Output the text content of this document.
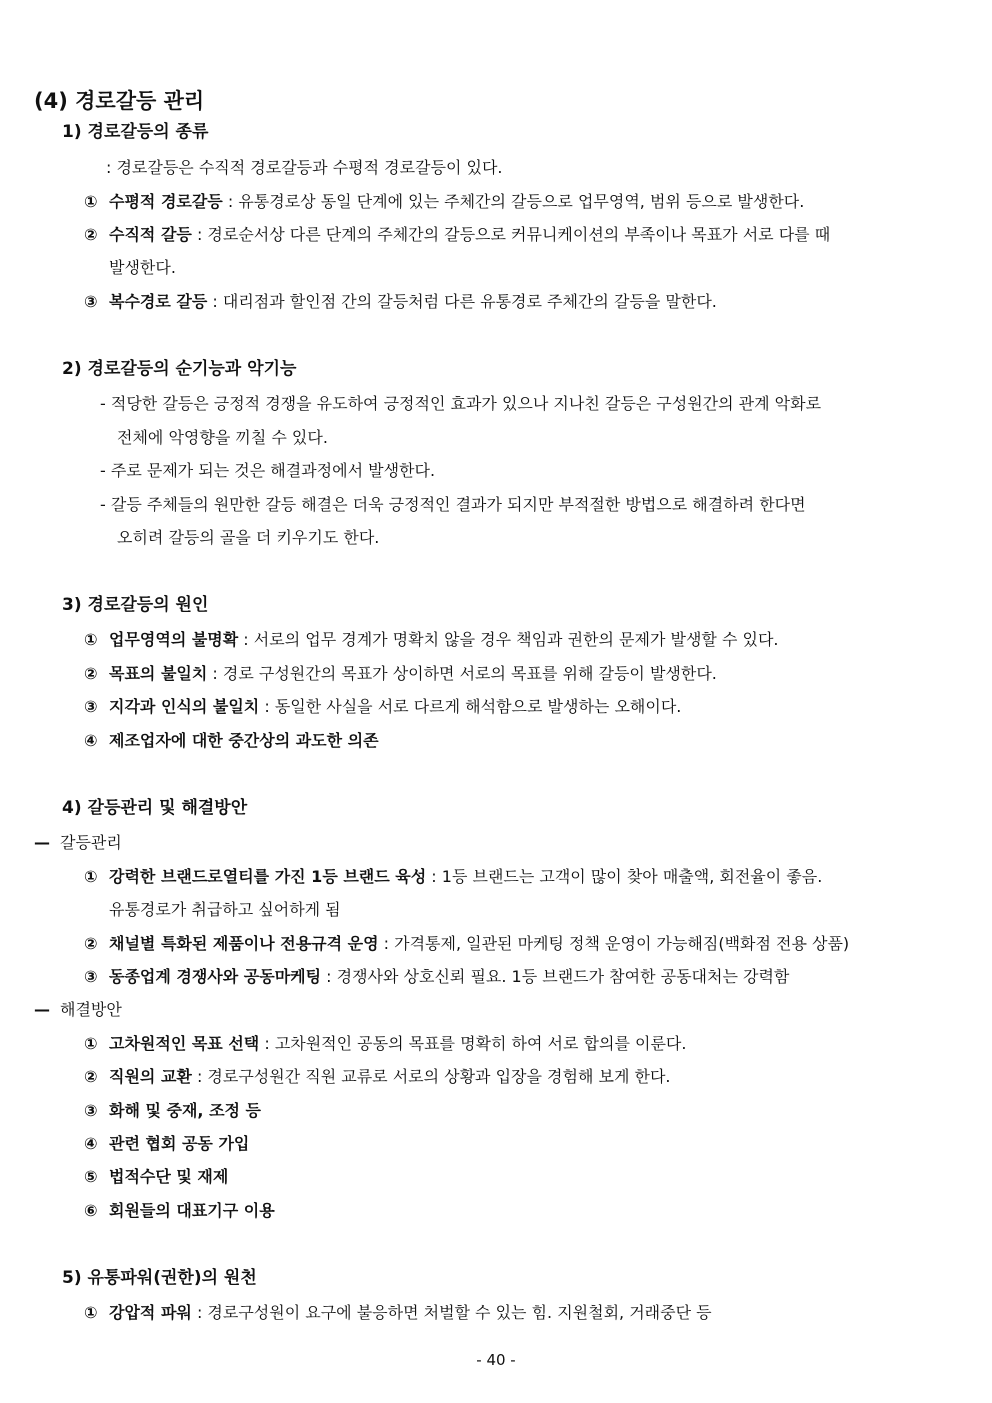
(4) 경로갈등 관리
1) 경로갈등의 종류
: 경로갈등은 수직적 경로갈등과 수평적 경로갈등이 있다.
① 수평적 경로갈등 : 유통경로상 동일 단계에 있는 주체간의 갈등으로 업무영역, 범위 등으로 발생한다.
② 수직적 갈등 : 경로순서상 다른 단계의 주체간의 갈등으로 커뮤니케이션의 부족이나 목표가 서로 다를 때
발생한다.
③ 복수경로 갈등 : 대리점과 할인점 간의 갈등처럼 다른 유통경로 주체간의 갈등을 말한다.
2) 경로갈등의 순기능과 악기능
- 적당한 갈등은 긍정적 경쟁을 유도하여 긍정적인 효과가 있으나 지나친 갈등은 구성원간의 관계 악화로
전체에 악영향을 끼칠 수 있다.
- 주로 문제가 되는 것은 해결과정에서 발생한다.
- 갈등 주체들의 원만한 갈등 해결은 더욱 긍정적인 결과가 되지만 부적절한 방법으로 해결하려 한다면
오히려 갈등의 골을 더 키우기도 한다.
3) 경로갈등의 원인
① 업무영역의 불명확 : 서로의 업무 경계가 명확치 않을 경우 책임과 권한의 문제가 발생할 수 있다.
② 목표의 불일치 : 경로 구성원간의 목표가 상이하면 서로의 목표를 위해 갈등이 발생한다.
③ 지각과 인식의 불일치 : 동일한 사실을 서로 다르게 해석함으로 발생하는 오해이다.
④ 제조업자에 대한 중간상의 과도한 의존
4) 갈등관리 및 해결방안
— 갈등관리
① 강력한 브랜드로열티를 가진 1등 브랜드 육성 : 1등 브랜드는 고객이 많이 찾아 매출액, 회전율이 좋음.
유통경로가 취급하고 싶어하게 됨
② 채널별 특화된 제품이나 전용규격 운영 : 가격통제, 일관된 마케팅 정책 운영이 가능해짐(백화점 전용 상품)
③ 동종업계 경쟁사와 공동마케팅 : 경쟁사와 상호신뢰 필요. 1등 브랜드가 참여한 공동대처는 강력함
— 해결방안
① 고차원적인 목표 선택 : 고차원적인 공동의 목표를 명확히 하여 서로 합의를 이룬다.
② 직원의 교환 : 경로구성원간 직원 교류로 서로의 상황과 입장을 경험해 보게 한다.
③ 화해 및 중재, 조정 등
④ 관련 협회 공동 가입
⑤ 법적수단 및 재제
⑥ 회원들의 대표기구 이용
5) 유통파워(권한)의 원천
① 강압적 파워 : 경로구성원이 요구에 불응하면 처벌할 수 있는 힘. 지원철회, 거래중단 등
- 40 -
